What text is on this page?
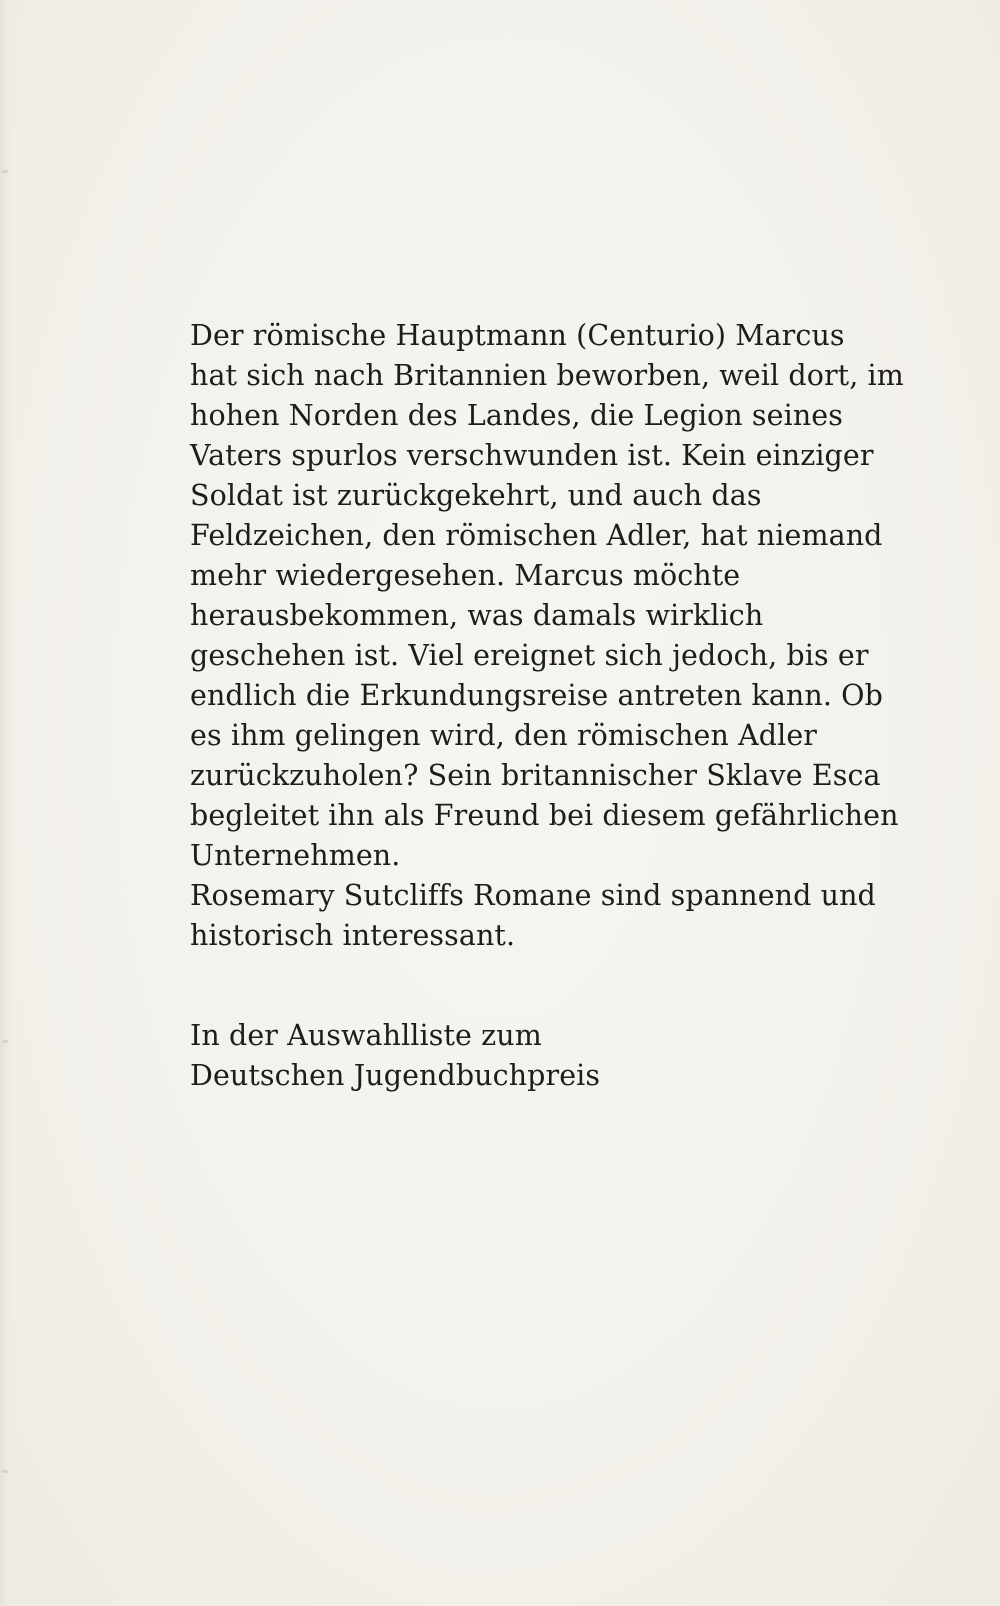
Der römische Hauptmann (Centurio) Marcus
hat sich nach Britannien beworben, weil dort, im
hohen Norden des Landes, die Legion seines
Vaters spurlos verschwunden ist. Kein einziger
Soldat ist zurückgekehrt, und auch das
Feldzeichen, den römischen Adler, hat niemand
mehr wiedergesehen. Marcus möchte
herausbekommen, was damals wirklich
geschehen ist. Viel ereignet sich jedoch, bis er
endlich die Erkundungsreise antreten kann. Ob
es ihm gelingen wird, den römischen Adler
zurückzuholen? Sein britannischer Sklave Esca
begleitet ihn als Freund bei diesem gefährlichen
Unternehmen.
Rosemary Sutcliffs Romane sind spannend und
historisch interessant.
In der Auswahlliste zum
Deutschen Jugendbuchpreis
